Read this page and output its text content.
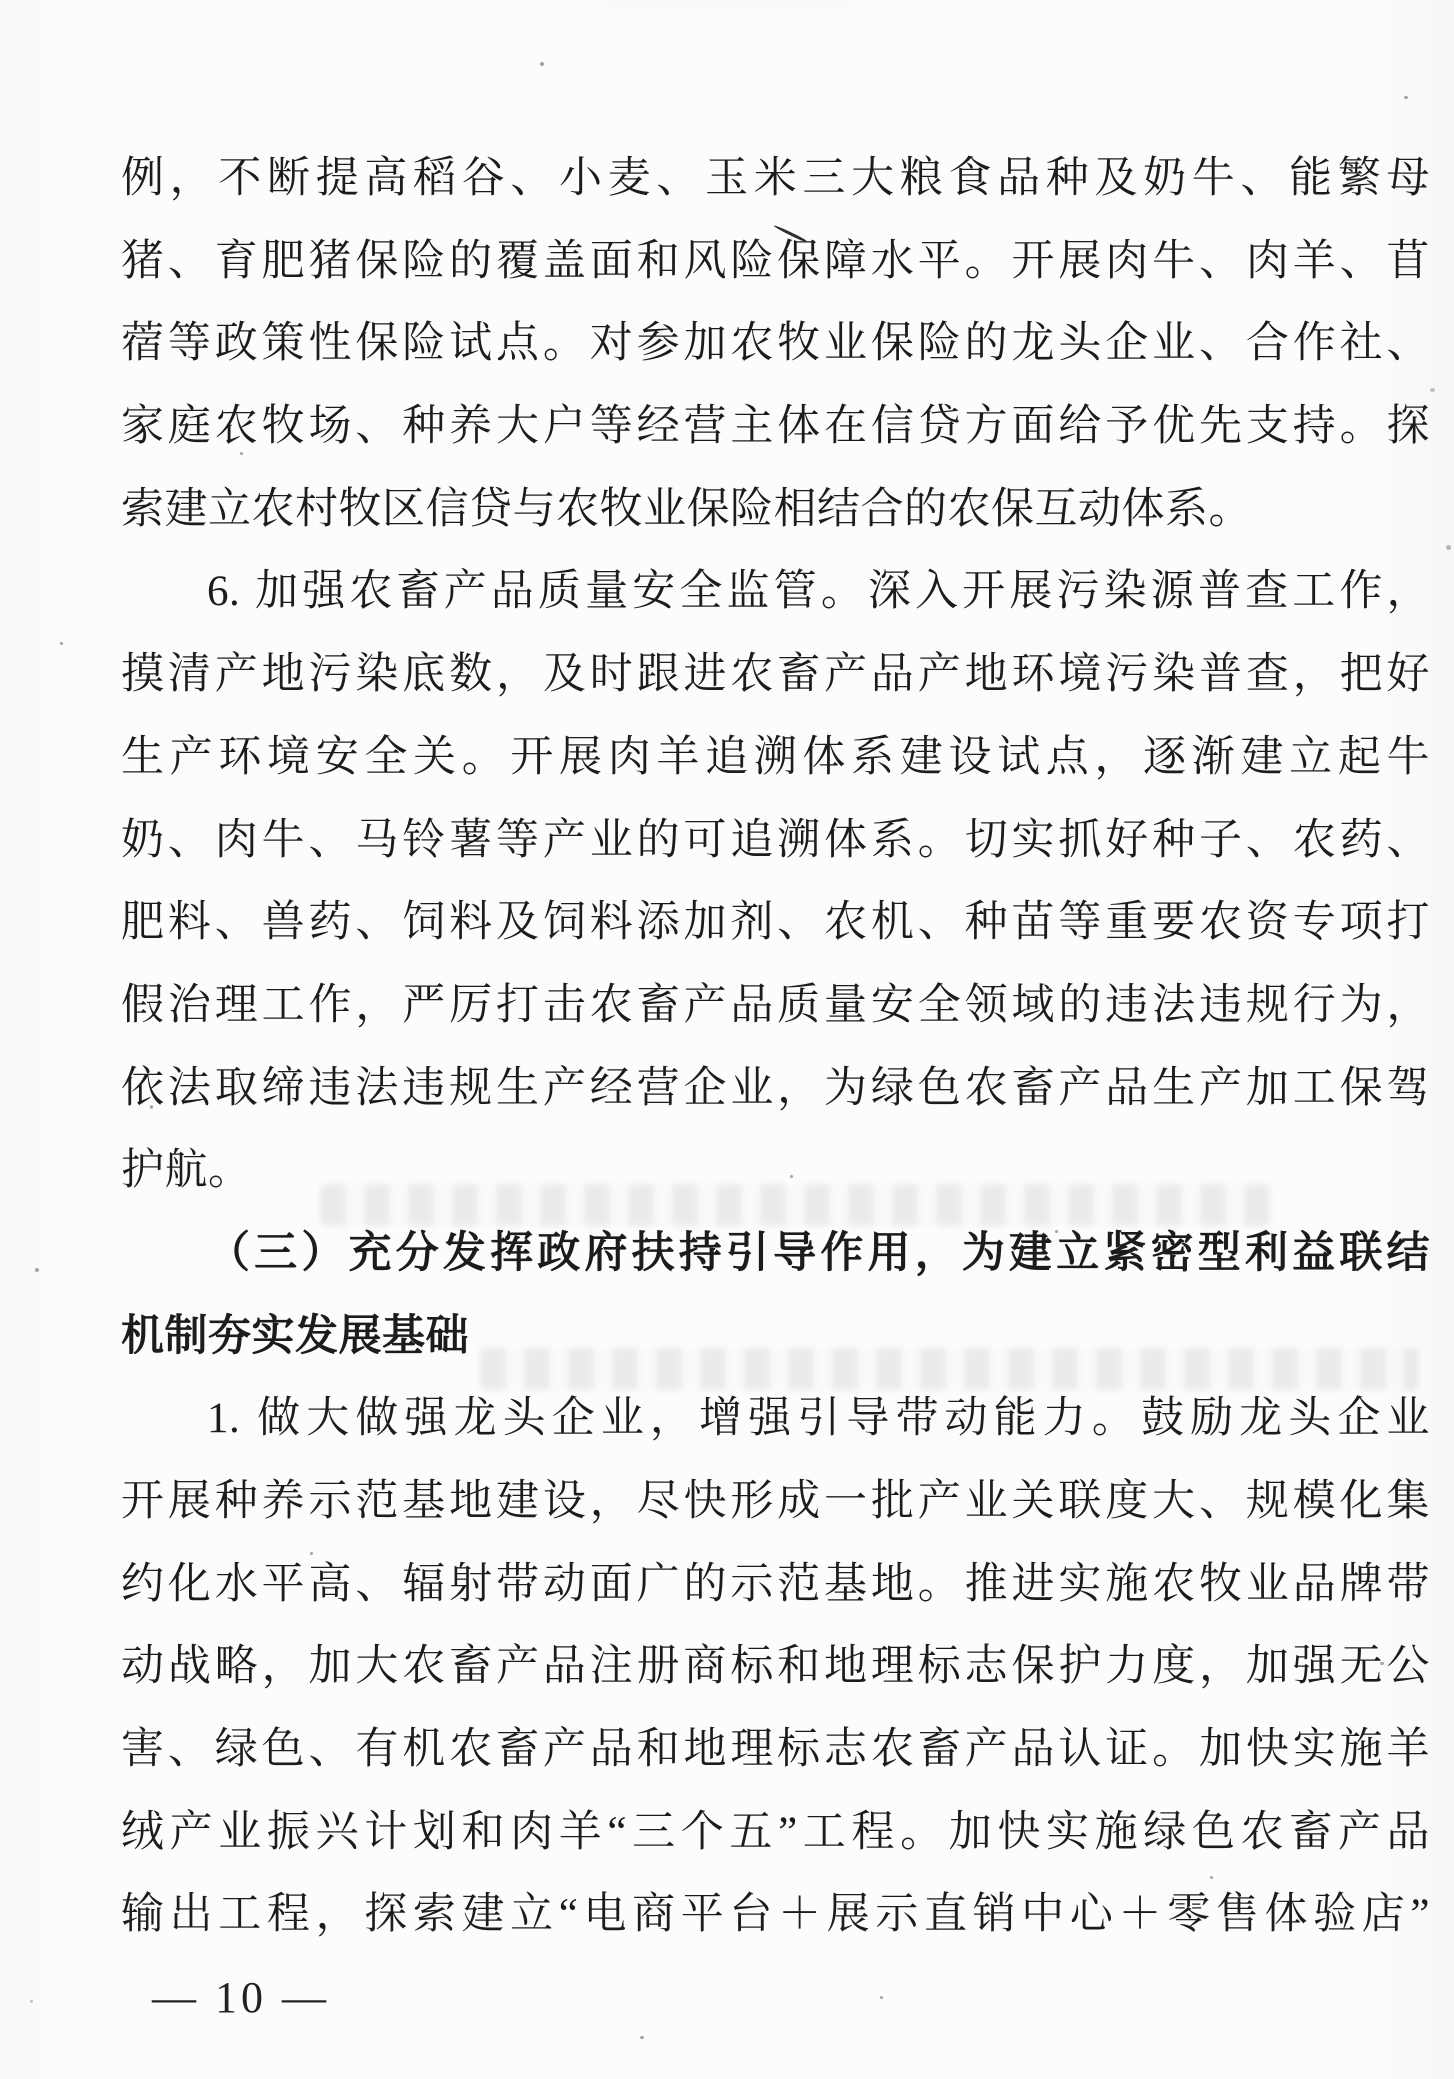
例，不断提高稻谷、小麦、玉米三大粮食品种及奶牛、能繁母
猪、育肥猪保险的覆盖面和风险保障水平。开展肉牛、肉羊、苜
蓿等政策性保险试点。对参加农牧业保险的龙头企业、合作社、
家庭农牧场、种养大户等经营主体在信贷方面给予优先支持。探
索建立农村牧区信贷与农牧业保险相结合的农保互动体系。
6. 加强农畜产品质量安全监管。深入开展污染源普查工作，
摸清产地污染底数，及时跟进农畜产品产地环境污染普查，把好
生产环境安全关。开展肉羊追溯体系建设试点，逐渐建立起牛
奶、肉牛、马铃薯等产业的可追溯体系。切实抓好种子、农药、
肥料、兽药、饲料及饲料添加剂、农机、种苗等重要农资专项打
假治理工作，严厉打击农畜产品质量安全领域的违法违规行为，
依法取缔违法违规生产经营企业，为绿色农畜产品生产加工保驾
护航。
（三）充分发挥政府扶持引导作用，为建立紧密型利益联结
机制夯实发展基础
1. 做大做强龙头企业，增强引导带动能力。鼓励龙头企业
开展种养示范基地建设，尽快形成一批产业关联度大、规模化集
约化水平高、辐射带动面广的示范基地。推进实施农牧业品牌带
动战略，加大农畜产品注册商标和地理标志保护力度，加强无公
害、绿色、有机农畜产品和地理标志农畜产品认证。加快实施羊
绒产业振兴计划和肉羊“三个五”工程。加快实施绿色农畜产品
输出工程，探索建立“电商平台＋展示直销中心＋零售体验店”
— 10 —
